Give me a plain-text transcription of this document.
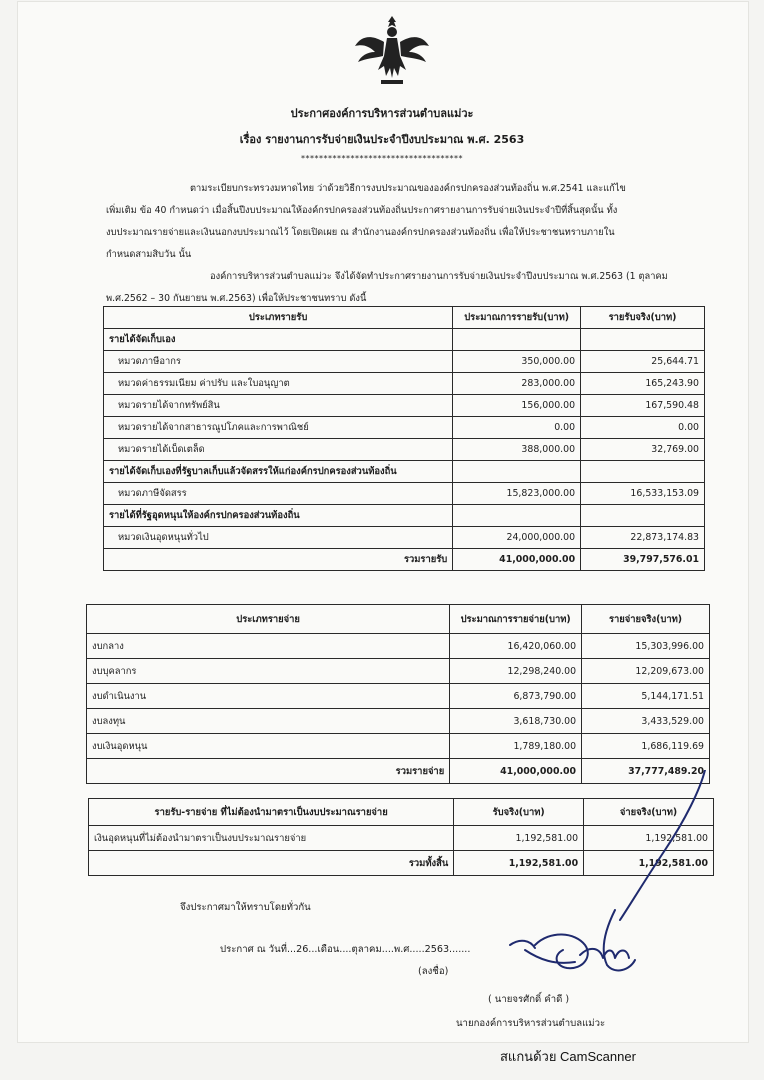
ประกาศองค์การบริหารส่วนตำบลแม่วะ
เรื่อง รายงานการรับจ่ายเงินประจำปีงบประมาณ พ.ศ. 2563
************************************
ตามระเบียบกระทรวงมหาดไทย ว่าด้วยวิธีการงบประมาณขององค์กรปกครองส่วนท้องถิ่น พ.ศ.2541 และแก้ไข
เพิ่มเติม ข้อ 40 กำหนดว่า เมื่อสิ้นปีงบประมาณให้องค์กรปกครองส่วนท้องถิ่นประกาศรายงานการรับจ่ายเงินประจำปีที่สิ้นสุดนั้น ทั้ง
งบประมาณรายจ่ายและเงินนอกงบประมาณไว้ โดยเปิดเผย ณ สำนักงานองค์กรปกครองส่วนท้องถิ่น เพื่อให้ประชาชนทราบภายใน
กำหนดสามสิบวัน นั้น
องค์การบริหารส่วนตำบลแม่วะ จึงได้จัดทำประกาศรายงานการรับจ่ายเงินประจำปีงบประมาณ พ.ศ.2563 (1 ตุลาคม
พ.ศ.2562 – 30 กันยายน พ.ศ.2563) เพื่อให้ประชาชนทราบ ดังนี้
ประเภทรายรับ	ประมาณการรายรับ(บาท)	รายรับจริง(บาท)
รายได้จัดเก็บเอง		
หมวดภาษีอากร	350,000.00	25,644.71
หมวดค่าธรรมเนียม ค่าปรับ และใบอนุญาต	283,000.00	165,243.90
หมวดรายได้จากทรัพย์สิน	156,000.00	167,590.48
หมวดรายได้จากสาธารณูปโภคและการพาณิชย์	0.00	0.00
หมวดรายได้เบ็ดเตล็ด	388,000.00	32,769.00
รายได้จัดเก็บเองที่รัฐบาลเก็บแล้วจัดสรรให้แก่องค์กรปกครองส่วนท้องถิ่น		
หมวดภาษีจัดสรร	15,823,000.00	16,533,153.09
รายได้ที่รัฐอุดหนุนให้องค์กรปกครองส่วนท้องถิ่น		
หมวดเงินอุดหนุนทั่วไป	24,000,000.00	22,873,174.83
รวมรายรับ	41,000,000.00	39,797,576.01
ประเภทรายจ่าย	ประมาณการรายจ่าย(บาท)	รายจ่ายจริง(บาท)
งบกลาง	16,420,060.00	15,303,996.00
งบบุคลากร	12,298,240.00	12,209,673.00
งบดำเนินงาน	6,873,790.00	5,144,171.51
งบลงทุน	3,618,730.00	3,433,529.00
งบเงินอุดหนุน	1,789,180.00	1,686,119.69
รวมรายจ่าย	41,000,000.00	37,777,489.20
รายรับ-รายจ่าย ที่ไม่ต้องนำมาตราเป็นงบประมาณรายจ่าย	รับจริง(บาท)	จ่ายจริง(บาท)
เงินอุดหนุนที่ไม่ต้องนำมาตราเป็นงบประมาณรายจ่าย	1,192,581.00	1,192,581.00
รวมทั้งสิ้น	1,192,581.00	1,192,581.00
จึงประกาศมาให้ทราบโดยทั่วกัน
ประกาศ ณ วันที่...26...เดือน....ตุลาคม....พ.ศ.....2563.......
(ลงชื่อ)
( นายจรศักดิ์ คำดี )
นายกองค์การบริหารส่วนตำบลแม่วะ
สแกนด้วย CamScanner
